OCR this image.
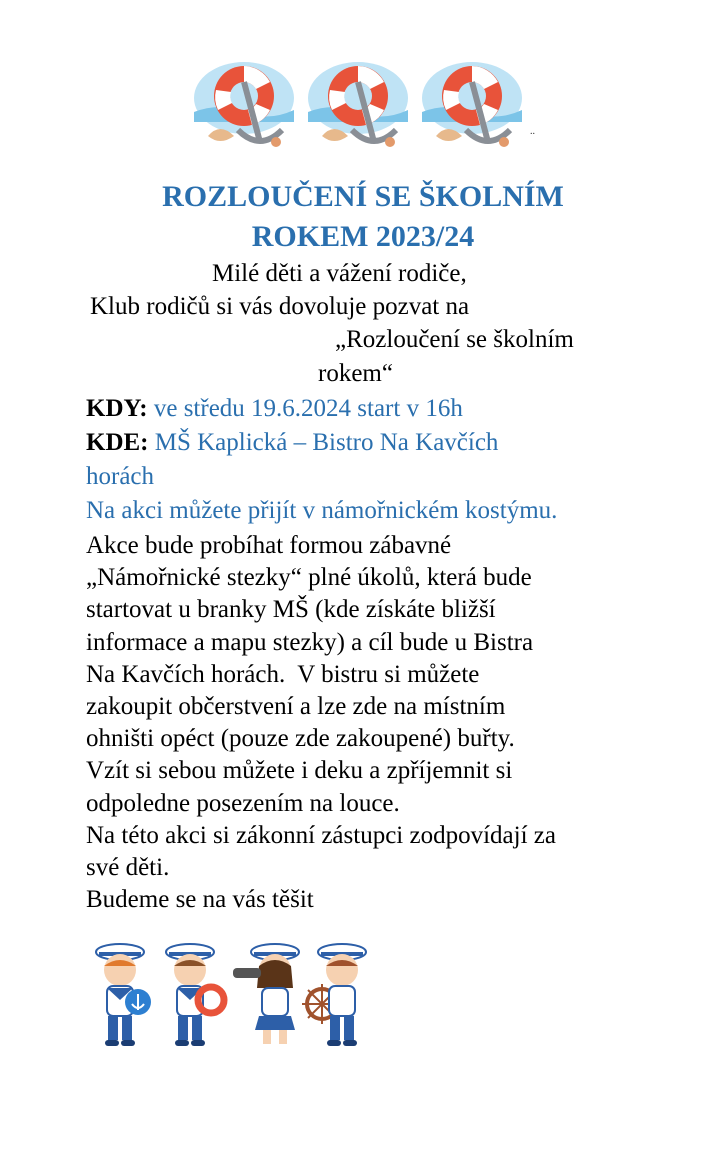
..
ROZLOUČENÍ SE ŠKOLNÍM
ROKEM 2023/24
Milé děti a vážení rodiče,
Klub rodičů si vás dovoluje pozvat na
„Rozloučení se školním
rokem“
KDY: ve středu 19.6.2024 start v 16h
KDE: MŠ Kaplická – Bistro Na Kavčích
horách
Na akci můžete přijít v námořnickém kostýmu.
Akce bude probíhat formou zábavné
„Námořnické stezky“ plné úkolů, která bude
startovat u branky MŠ (kde získáte bližší
informace a mapu stezky) a cíl bude u Bistra
Na Kavčích horách.  V bistru si můžete
zakoupit občerstvení a lze zde na místním
ohništi opéct (pouze zde zakoupené) buřty.
Vzít si sebou můžete i deku a zpříjemnit si
odpoledne posezením na louce.
Na této akci si zákonní zástupci zodpovídají za
své děti.
Budeme se na vás těšit
